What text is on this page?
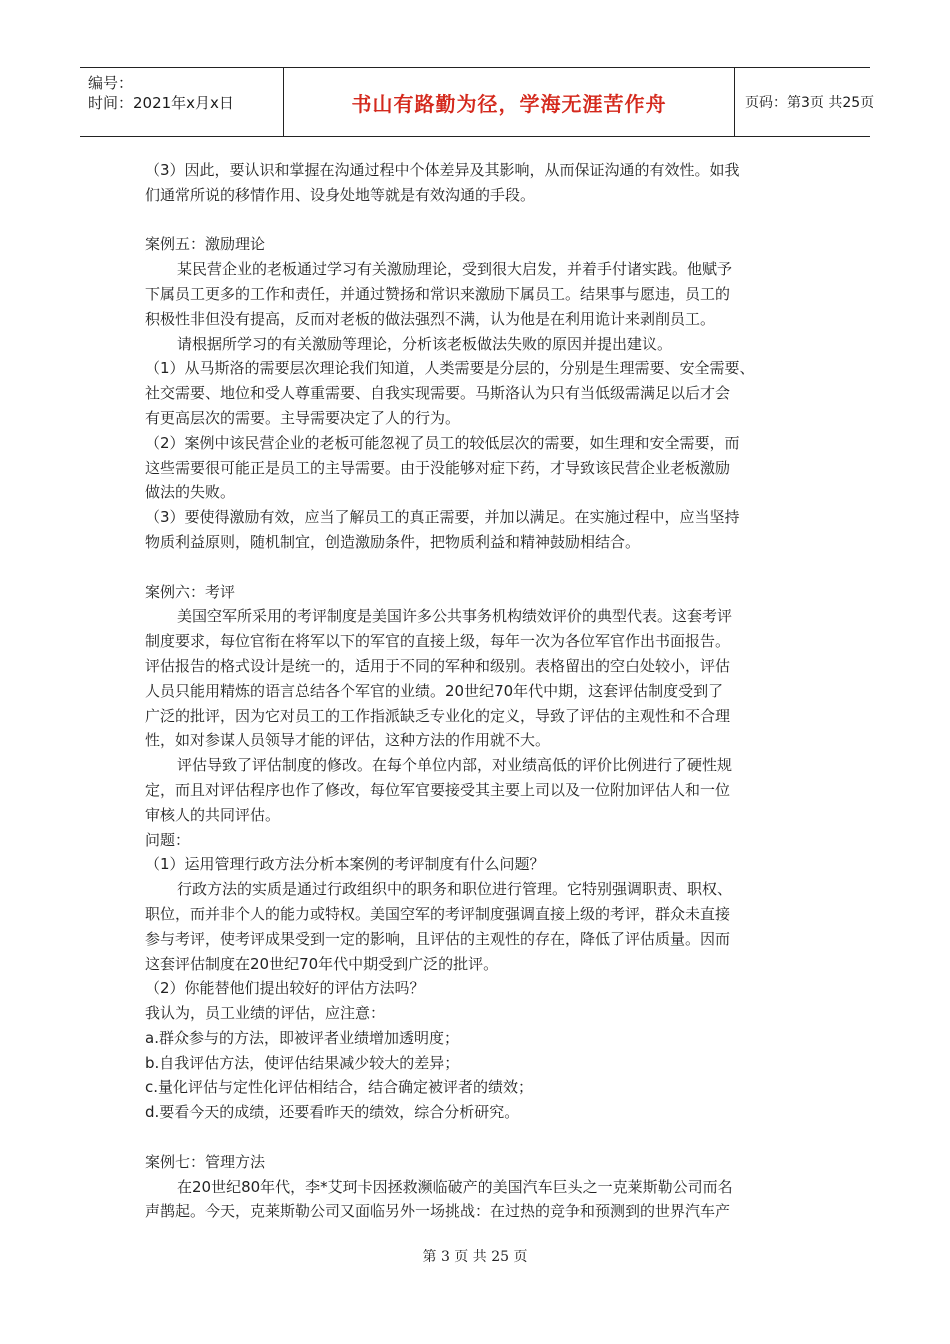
编号：
时间：2021年x月x日	书山有路勤为径，学海无涯苦作舟	页码：第3页 共25页

（3）因此，要认识和掌握在沟通过程中个体差异及其影响，从而保证沟通的有效性。如我

们通常所说的移情作用、设身处地等就是有效沟通的手段。

案例五：激励理论

某民营企业的老板通过学习有关激励理论，受到很大启发，并着手付诸实践。他赋予

下属员工更多的工作和责任，并通过赞扬和常识来激励下属员工。结果事与愿违，员工的

积极性非但没有提高，反而对老板的做法强烈不满，认为他是在利用诡计来剥削员工。

请根据所学习的有关激励等理论，分析该老板做法失败的原因并提出建议。

（1）从马斯洛的需要层次理论我们知道，人类需要是分层的，分别是生理需要、安全需要、

社交需要、地位和受人尊重需要、自我实现需要。马斯洛认为只有当低级需满足以后才会

有更高层次的需要。主导需要决定了人的行为。

（2）案例中该民营企业的老板可能忽视了员工的较低层次的需要，如生理和安全需要，而

这些需要很可能正是员工的主导需要。由于没能够对症下药，才导致该民营企业老板激励

做法的失败。

（3）要使得激励有效，应当了解员工的真正需要，并加以满足。在实施过程中，应当坚持

物质利益原则，随机制宜，创造激励条件，把物质利益和精神鼓励相结合。

案例六：考评

美国空军所采用的考评制度是美国许多公共事务机构绩效评价的典型代表。这套考评

制度要求，每位官衔在将军以下的军官的直接上级，每年一次为各位军官作出书面报告。

评估报告的格式设计是统一的，适用于不同的军种和级别。表格留出的空白处较小，评估

人员只能用精炼的语言总结各个军官的业绩。20世纪70年代中期，这套评估制度受到了

广泛的批评，因为它对员工的工作指派缺乏专业化的定义，导致了评估的主观性和不合理

性，如对参谋人员领导才能的评估，这种方法的作用就不大。

评估导致了评估制度的修改。在每个单位内部，对业绩高低的评价比例进行了硬性规

定，而且对评估程序也作了修改，每位军官要接受其主要上司以及一位附加评估人和一位

审核人的共同评估。

问题：

（1）运用管理行政方法分析本案例的考评制度有什么问题？

行政方法的实质是通过行政组织中的职务和职位进行管理。它特别强调职责、职权、

职位，而并非个人的能力或特权。美国空军的考评制度强调直接上级的考评，群众未直接

参与考评，使考评成果受到一定的影响，且评估的主观性的存在，降低了评估质量。因而

这套评估制度在20世纪70年代中期受到广泛的批评。

（2）你能替他们提出较好的评估方法吗？

我认为，员工业绩的评估，应注意：

a.群众参与的方法，即被评者业绩增加透明度；

b.自我评估方法，使评估结果减少较大的差异；

c.量化评估与定性化评估相结合，结合确定被评者的绩效；

d.要看今天的成绩，还要看昨天的绩效，综合分析研究。

案例七：管理方法

在20世纪80年代，李*艾珂卡因拯救濒临破产的美国汽车巨头之一克莱斯勒公司而名

声鹊起。今天，克莱斯勒公司又面临另外一场挑战：在过热的竞争和预测到的世界汽车产

第 3 页 共 25 页
